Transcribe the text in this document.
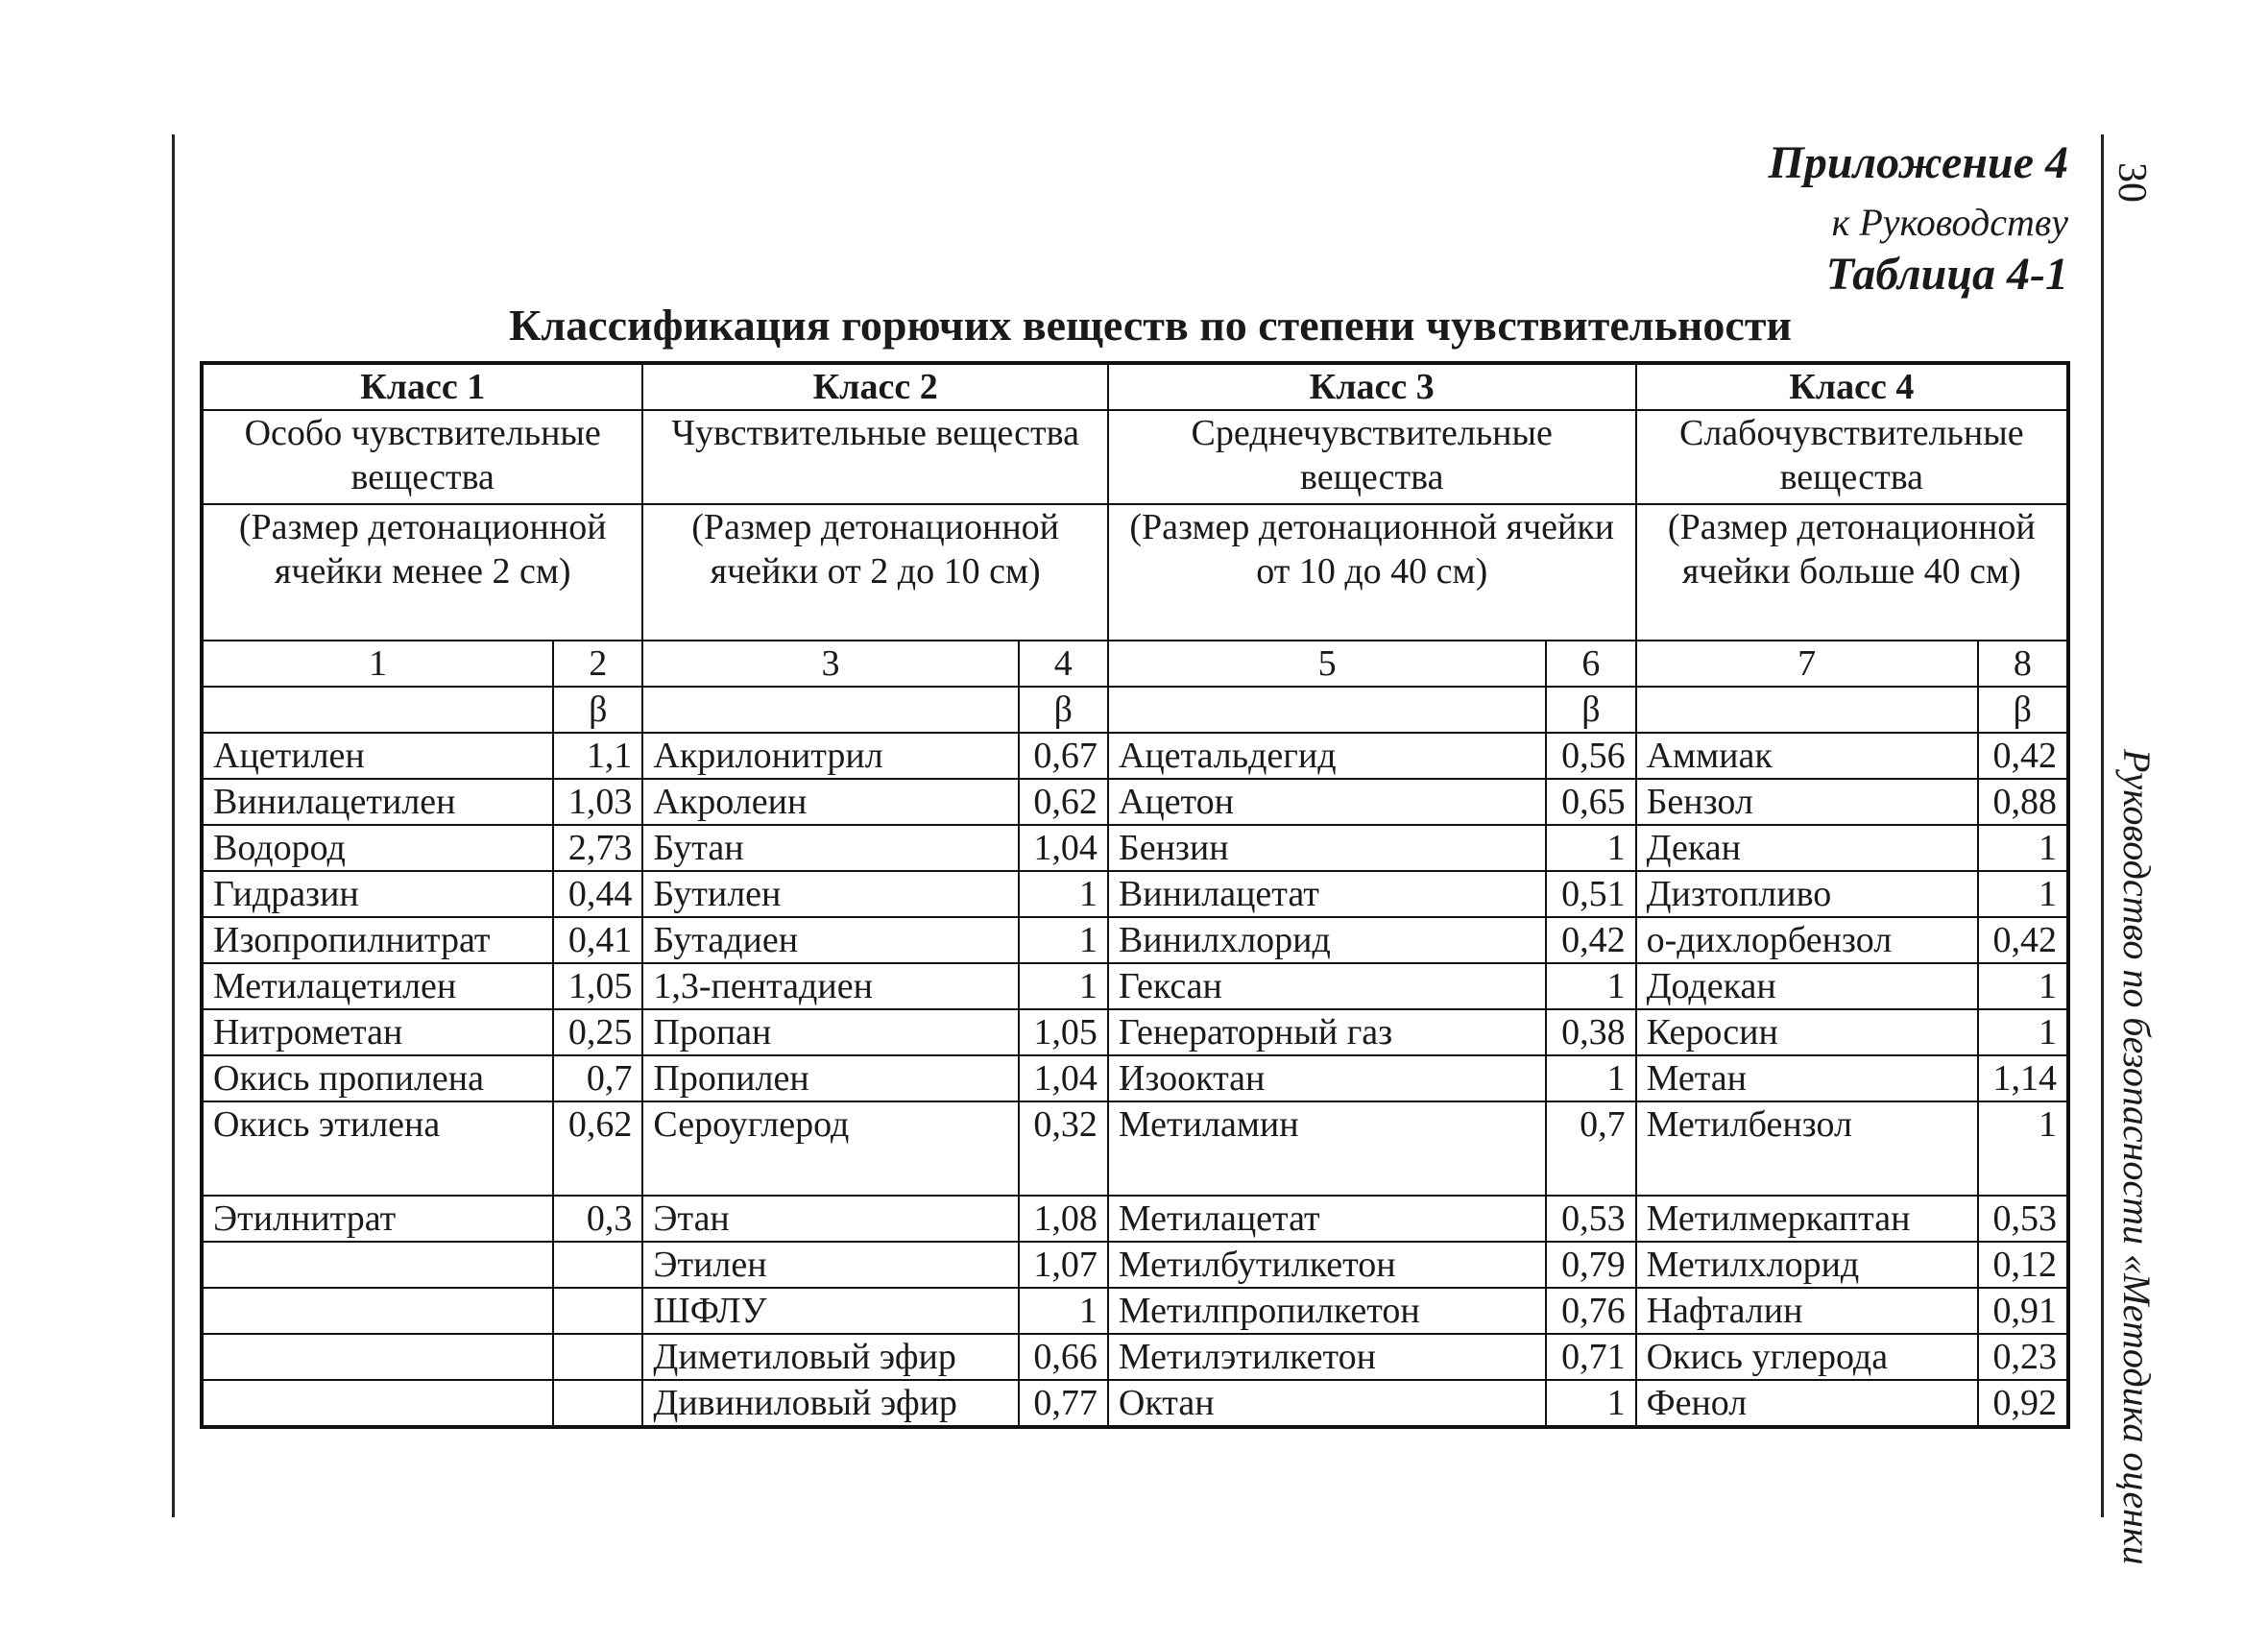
30
Руководство по безопасности «Методика оценки
Приложение 4
к Руководству
Таблица 4-1
Классификация горючих веществ по степени чувствительности
Класс 1		Класс 2		Класс 3		Класс 4	
Особо чувствительные вещества		Чувствительные вещества		Среднечувствительные вещества		Слабочувствительные вещества	
(Размер детонационной ячейки менее 2 см)		(Размер детонационной ячейки от 2 до 10 см)		(Размер детонационной ячейки от 10 до 40 см)		(Размер детонационной ячейки больше 40 см)	
1	2	3	4	5	6	7	8
	β		β		β		β
Ацетилен	1,1	Акрилонитрил	0,67	Ацетальдегид	0,56	Аммиак	0,42
Винилацетилен	1,03	Акролеин	0,62	Ацетон	0,65	Бензол	0,88
Водород	2,73	Бутан	1,04	Бензин	1	Декан	1
Гидразин	0,44	Бутилен	1	Винилацетат	0,51	Дизтопливо	1
Изопропилнитрат	0,41	Бутадиен	1	Винилхлорид	0,42	о-дихлорбензол	0,42
Метилацетилен	1,05	1,3-пентадиен	1	Гексан	1	Додекан	1
Нитрометан	0,25	Пропан	1,05	Генераторный газ	0,38	Керосин	1
Окись пропилена	0,7	Пропилен	1,04	Изооктан	1	Метан	1,14
Окись этилена	0,62	Сероуглерод	0,32	Метиламин	0,7	Метилбензол	1
Этилнитрат	0,3	Этан	1,08	Метилацетат	0,53	Метилмеркаптан	0,53
		Этилен	1,07	Метилбутилкетон	0,79	Метилхлорид	0,12
		ШФЛУ	1	Метилпропилкетон	0,76	Нафталин	0,91
		Диметиловый эфир	0,66	Метилэтилкетон	0,71	Окись углерода	0,23
		Дивиниловый эфир	0,77	Октан	1	Фенол	0,92
